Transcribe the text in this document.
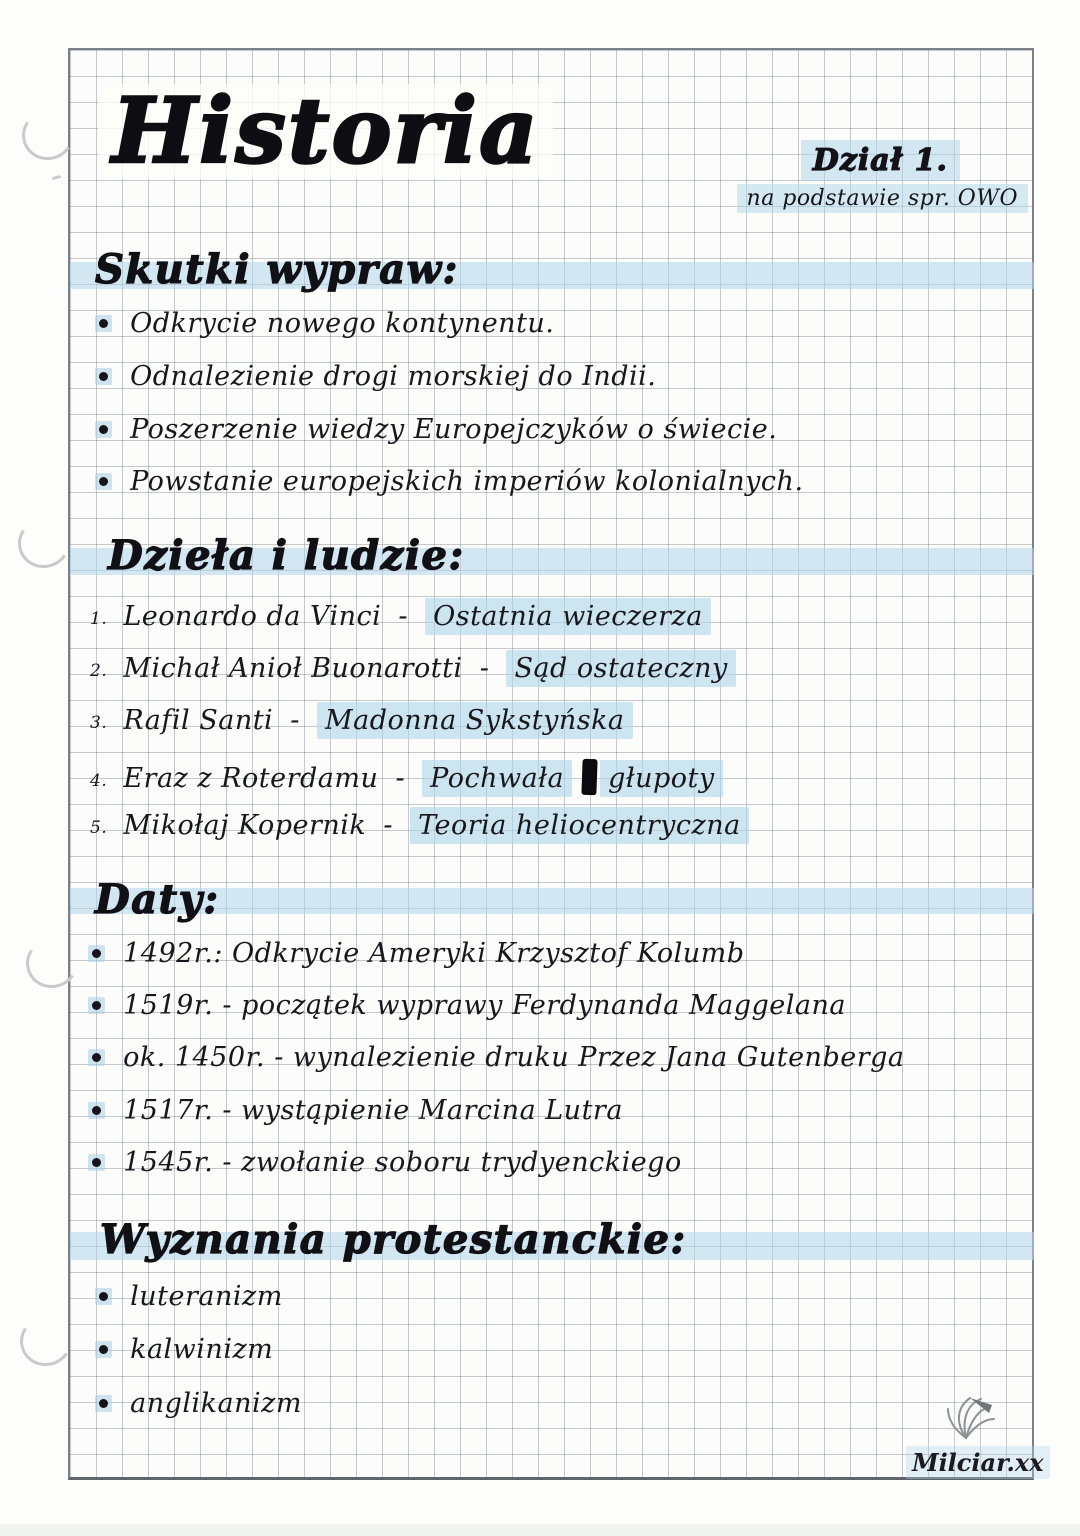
Historia	Dział 1.
na podstawie spr. OWO
Skutki wypraw:
Odkrycie nowego kontynentu.
Odnalezienie drogi morskiej do Indii.
Poszerzenie wiedzy Europejczyków o świecie.
Powstanie europejskich imperiów kolonialnych.
Dzieła i ludzie:
1. Leonardo da Vinci - Ostatnia wieczerza
2. Michał Anioł Buonarotti - Sąd ostateczny
3. Rafil Santi - Madonna Sykstyńska
4. Eraz z Roterdamu - Pochwała głupoty
5. Mikołaj Kopernik - Teoria heliocentryczna
Daty:
1492r.: Odkrycie Ameryki Krzysztof Kolumb
1519r. - początek wyprawy Ferdynanda Maggelana
ok. 1450r. - wynalezienie druku Przez Jana Gutenberga
1517r. - wystąpienie Marcina Lutra
1545r. - zwołanie soboru trydyenckiego
Wyznania protestanckie:
luteranizm
kalwinizm
anglikanizm
Milciar.xx
